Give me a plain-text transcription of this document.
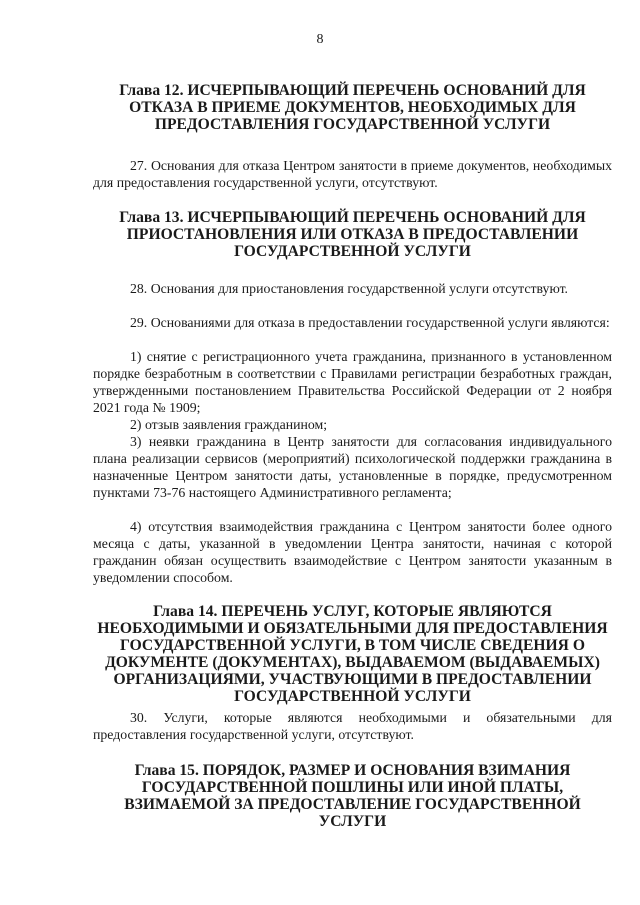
8
Глава 12. ИСЧЕРПЫВАЮЩИЙ ПЕРЕЧЕНЬ ОСНОВАНИЙ ДЛЯ ОТКАЗА В ПРИЕМЕ ДОКУМЕНТОВ, НЕОБХОДИМЫХ ДЛЯ ПРЕДОСТАВЛЕНИЯ ГОСУДАРСТВЕННОЙ УСЛУГИ

27. Основания для отказа Центром занятости в приеме документов, необходимых для предоставления государственной услуги, отсутствуют.

Глава 13. ИСЧЕРПЫВАЮЩИЙ ПЕРЕЧЕНЬ ОСНОВАНИЙ ДЛЯ ПРИОСТАНОВЛЕНИЯ ИЛИ ОТКАЗА В ПРЕДОСТАВЛЕНИИ ГОСУДАРСТВЕННОЙ УСЛУГИ

28. Основания для приостановления государственной услуги отсутствуют.

29. Основаниями для отказа в предоставлении государственной услуги являются:

1) снятие с регистрационного учета гражданина, признанного в установленном порядке безработным в соответствии с Правилами регистрации безработных граждан, утвержденными постановлением Правительства Российской Федерации от 2 ноября 2021 года № 1909;

2) отзыв заявления гражданином;

3) неявки гражданина в Центр занятости для согласования индивидуального плана реализации сервисов (мероприятий) психологической поддержки гражданина в назначенные Центром занятости даты, установленные в порядке, предусмотренном пунктами 73-76 настоящего Административного регламента;

4) отсутствия взаимодействия гражданина с Центром занятости более одного месяца с даты, указанной в уведомлении Центра занятости, начиная с которой гражданин обязан осуществить взаимодействие с Центром занятости указанным в уведомлении способом.

Глава 14. ПЕРЕЧЕНЬ УСЛУГ, КОТОРЫЕ ЯВЛЯЮТСЯ НЕОБХОДИМЫМИ И ОБЯЗАТЕЛЬНЫМИ ДЛЯ ПРЕДОСТАВЛЕНИЯ ГОСУДАРСТВЕННОЙ УСЛУГИ, В ТОМ ЧИСЛЕ СВЕДЕНИЯ О ДОКУМЕНТЕ (ДОКУМЕНТАХ), ВЫДАВАЕМОМ (ВЫДАВАЕМЫХ) ОРГАНИЗАЦИЯМИ, УЧАСТВУЮЩИМИ В ПРЕДОСТАВЛЕНИИ ГОСУДАРСТВЕННОЙ УСЛУГИ

30. Услуги, которые являются необходимыми и обязательными для предоставления государственной услуги, отсутствуют.

Глава 15. ПОРЯДОК, РАЗМЕР И ОСНОВАНИЯ ВЗИМАНИЯ ГОСУДАРСТВЕННОЙ ПОШЛИНЫ ИЛИ ИНОЙ ПЛАТЫ, ВЗИМАЕМОЙ ЗА ПРЕДОСТАВЛЕНИЕ ГОСУДАРСТВЕННОЙ УСЛУГИ
